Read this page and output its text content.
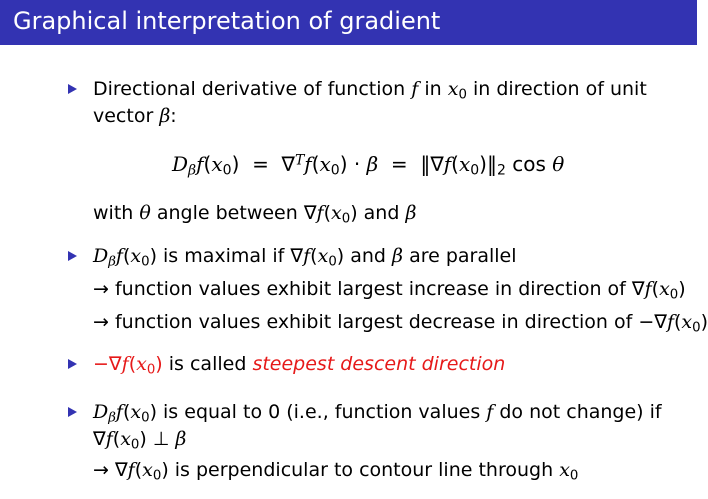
Graphical interpretation of gradient
Directional derivative of function f in $x_0$ in direction of unit
vector β:
$D_\beta f(x_0) = \nabla^Tf(x_0) \cdot \beta$  =  $‖\nabla f(x_0)‖_2$ cos θ
with θ angle between $\nabla f(x_0)$ and β
$D_\beta f(x_0)$ is maximal if $\nabla f(x_0)$ and β are parallel
→ function values exhibit largest increase in direction of $\nabla f(x_0)$
→ function values exhibit largest decrease in direction of $-\nabla f(x_0)$
$-\nabla f(x_0)$ is called steepest descent direction
$D_\beta f(x_0)$ is equal to 0 (i.e., function values f do not change) if
$\nabla f(x_0)$ ⊥ β
→ $\nabla f(x_0)$ is perpendicular to contour line through $x_0$
